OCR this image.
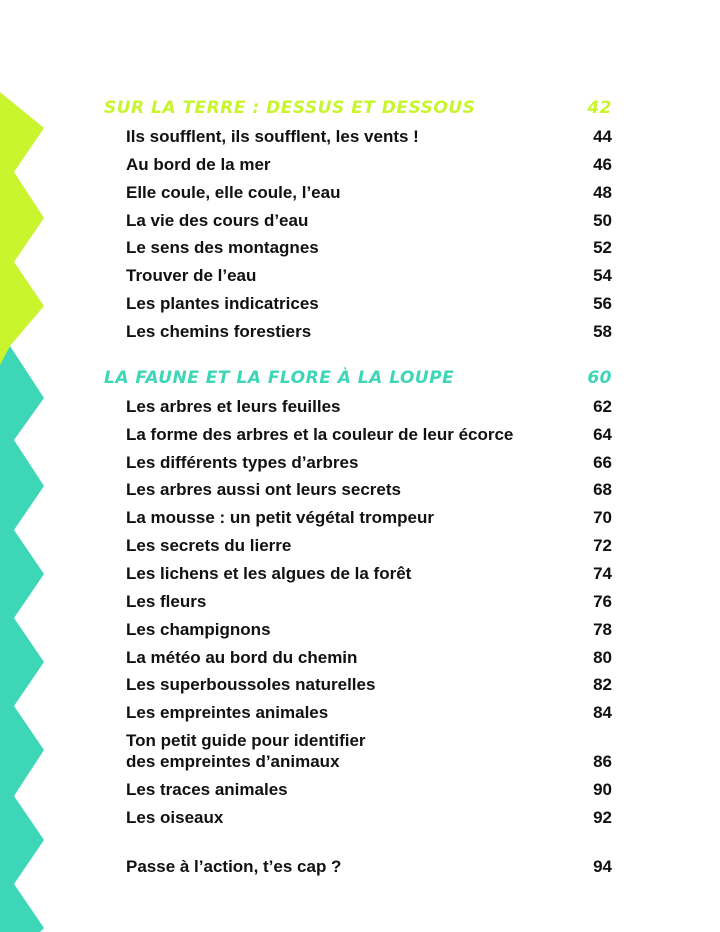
SUR LA TERRE : DESSUS ET DESSOUS	42
Ils soufflent, ils soufflent, les vents !	44
Au bord de la mer	46
Elle coule, elle coule, l’eau	48
La vie des cours d’eau	50
Le sens des montagnes	52
Trouver de l’eau	54
Les plantes indicatrices	56
Les chemins forestiers	58
LA FAUNE ET LA FLORE À LA LOUPE	60
Les arbres et leurs feuilles	62
La forme des arbres et la couleur de leur écorce	64
Les différents types d’arbres	66
Les arbres aussi ont leurs secrets	68
La mousse : un petit végétal trompeur	70
Les secrets du lierre	72
Les lichens et les algues de la forêt	74
Les fleurs	76
Les champignons	78
La météo au bord du chemin	80
Les superboussoles naturelles	82
Les empreintes animales	84
Ton petit guide pour identifier
des empreintes d’animaux	86
Les traces animales	90
Les oiseaux	92
Passe à l’action, t’es cap ?	94
